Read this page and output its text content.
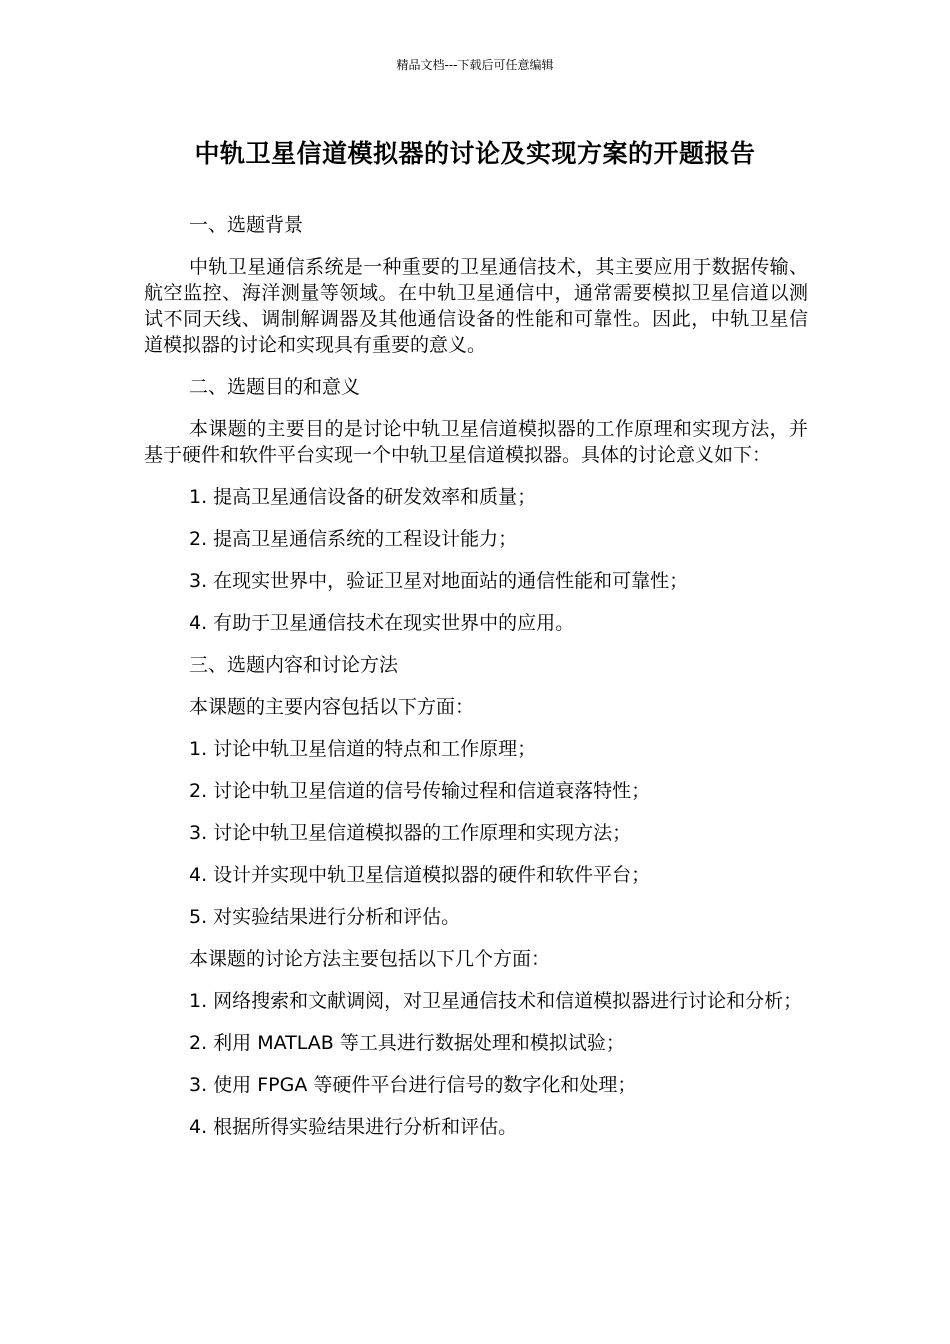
精品文档---下载后可任意编辑
中轨卫星信道模拟器的讨论及实现方案的开题报告

一、选题背景

中轨卫星通信系统是一种重要的卫星通信技术，其主要应用于数据传输、航空监控、海洋测量等领域。在中轨卫星通信中，通常需要模拟卫星信道以测试不同天线、调制解调器及其他通信设备的性能和可靠性。因此，中轨卫星信道模拟器的讨论和实现具有重要的意义。

二、选题目的和意义

本课题的主要目的是讨论中轨卫星信道模拟器的工作原理和实现方法，并基于硬件和软件平台实现一个中轨卫星信道模拟器。具体的讨论意义如下：

1. 提高卫星通信设备的研发效率和质量；

2. 提高卫星通信系统的工程设计能力；

3. 在现实世界中，验证卫星对地面站的通信性能和可靠性；

4. 有助于卫星通信技术在现实世界中的应用。

三、选题内容和讨论方法

本课题的主要内容包括以下方面：

1. 讨论中轨卫星信道的特点和工作原理；

2. 讨论中轨卫星信道的信号传输过程和信道衰落特性；

3. 讨论中轨卫星信道模拟器的工作原理和实现方法；

4. 设计并实现中轨卫星信道模拟器的硬件和软件平台；

5. 对实验结果进行分析和评估。

本课题的讨论方法主要包括以下几个方面：

1. 网络搜索和文献调阅，对卫星通信技术和信道模拟器进行讨论和分析；

2. 利用 MATLAB 等工具进行数据处理和模拟试验；

3. 使用 FPGA 等硬件平台进行信号的数字化和处理；

4. 根据所得实验结果进行分析和评估。
